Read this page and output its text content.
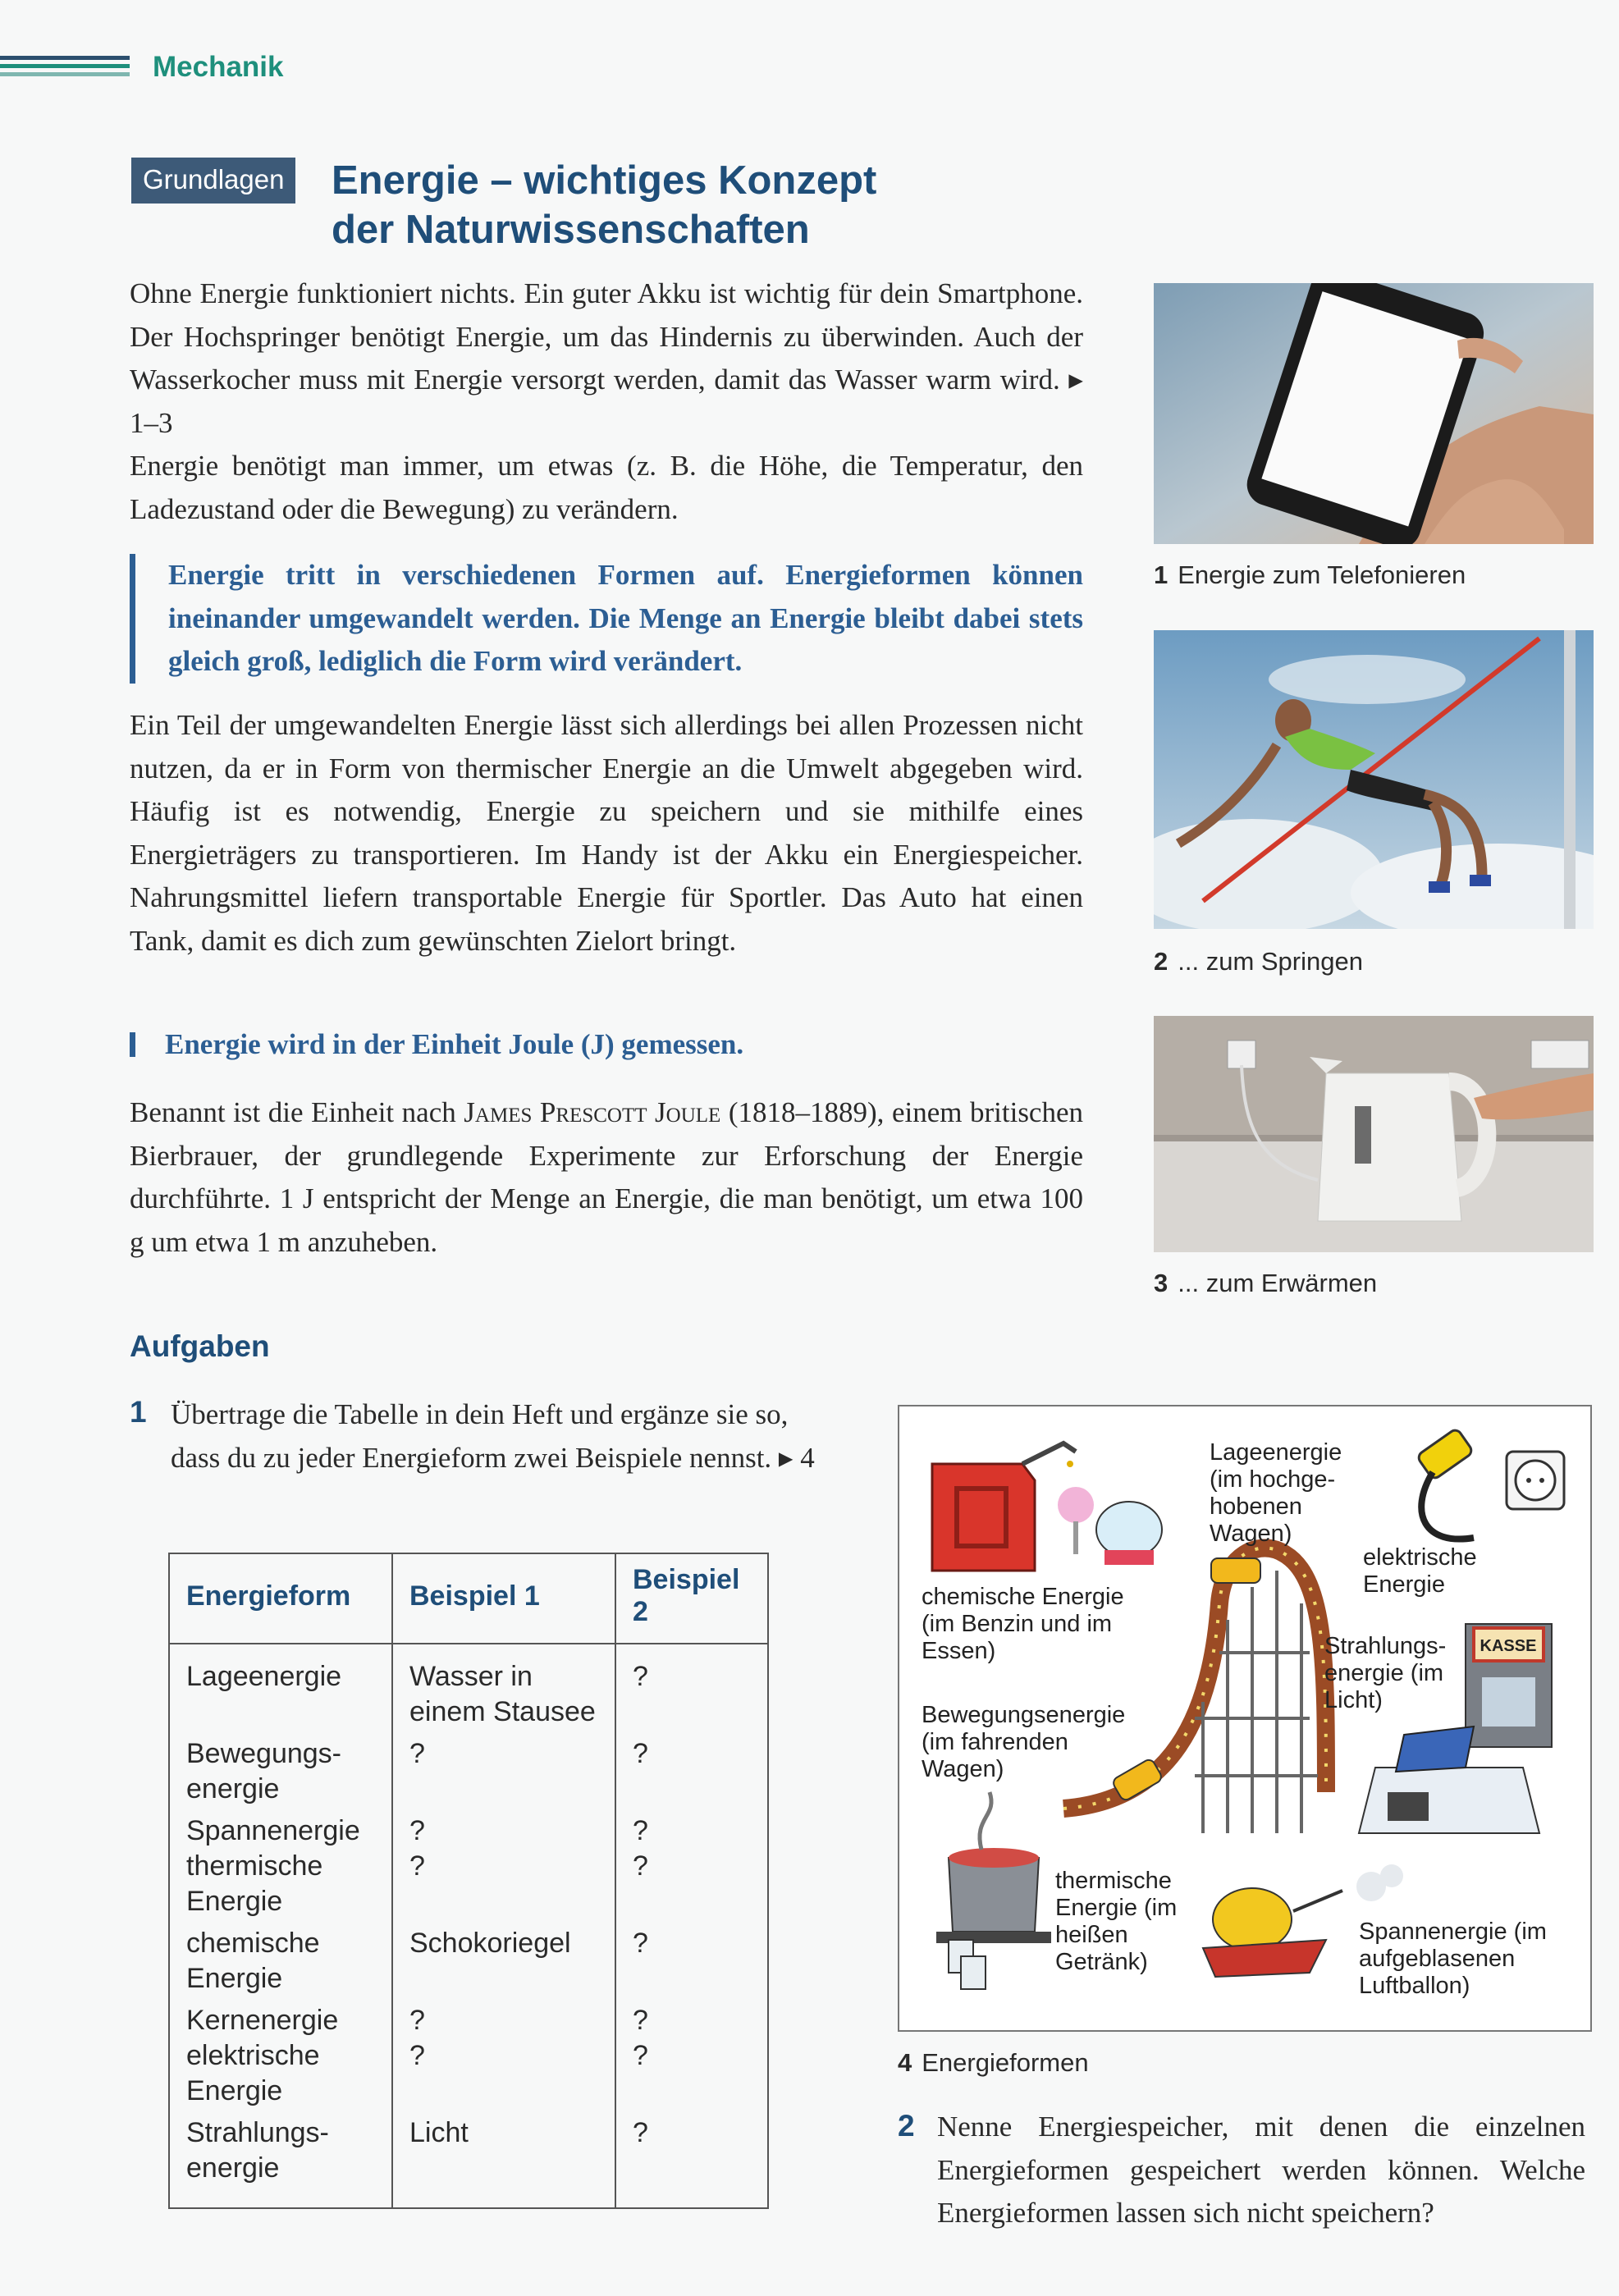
Mechanik
Grundlagen Energie – wichtiges Konzept
der Naturwissenschaften
Ohne Energie funktioniert nichts. Ein guter Akku ist wichtig für dein Smartphone. Der Hochspringer benötigt Energie, um das Hindernis zu überwinden. Auch der Wasserkocher muss mit Energie versorgt werden, damit das Wasser warm wird. ▸ 1–3
Energie benötigt man immer, um etwas (z. B. die Höhe, die Temperatur, den Ladezustand oder die Bewegung) zu verändern.
Energie tritt in verschiedenen Formen auf. Energieformen können ineinander umgewandelt werden. Die Menge an Energie bleibt dabei stets gleich groß, lediglich die Form wird verändert.
Ein Teil der umgewandelten Energie lässt sich allerdings bei allen Prozessen nicht nutzen, da er in Form von thermischer Energie an die Umwelt abgegeben wird. Häufig ist es notwendig, Energie zu speichern und sie mithilfe eines Energieträgers zu transportieren. Im Handy ist der Akku ein Energiespeicher. Nahrungsmittel liefern transportable Energie für Sportler. Das Auto hat einen Tank, damit es dich zum gewünschten Zielort bringt.
Energie wird in der Einheit Joule (J) gemessen.
Benannt ist die Einheit nach James Prescott Joule (1818–1889), einem britischen Bierbrauer, der grundlegende Experimente zur Erforschung der Energie durchführte. 1 J entspricht der Menge an Energie, die man benötigt, um etwa 100 g um etwa 1 m anzuheben.
1 Energie zum Telefonieren
2 ... zum Springen
3 ... zum Erwärmen
Aufgaben
1 Übertrage die Tabelle in dein Heft und ergänze sie so, dass du zu jeder Energieform zwei Beispiele nennst. ▸ 4
Energieform	Beispiel 1	Beispiel 2
Lageenergie	Wasser in einem Stausee	?
Bewegungs-energie	?	?
Spannenergie	?	?
thermische Energie	?	?
chemische Energie	Schokoriegel	?
Kernenergie	?	?
elektrische Energie	?	?
Strahlungs-energie	Licht	?
KASSE
Lageenergie (im hochge-hobenen Wagen)
elektrische Energie
chemische Energie (im Benzin und im Essen)	Strahlungs-energie (im Licht)
Bewegungsenergie (im fahrenden Wagen)
thermische Energie (im heißen Getränk)
Spannenergie (im aufgeblasenen Luftballon)
4 Energieformen
2 Nenne Energiespeicher, mit denen die einzelnen Energieformen gespeichert werden können. Welche Energieformen lassen sich nicht speichern?
